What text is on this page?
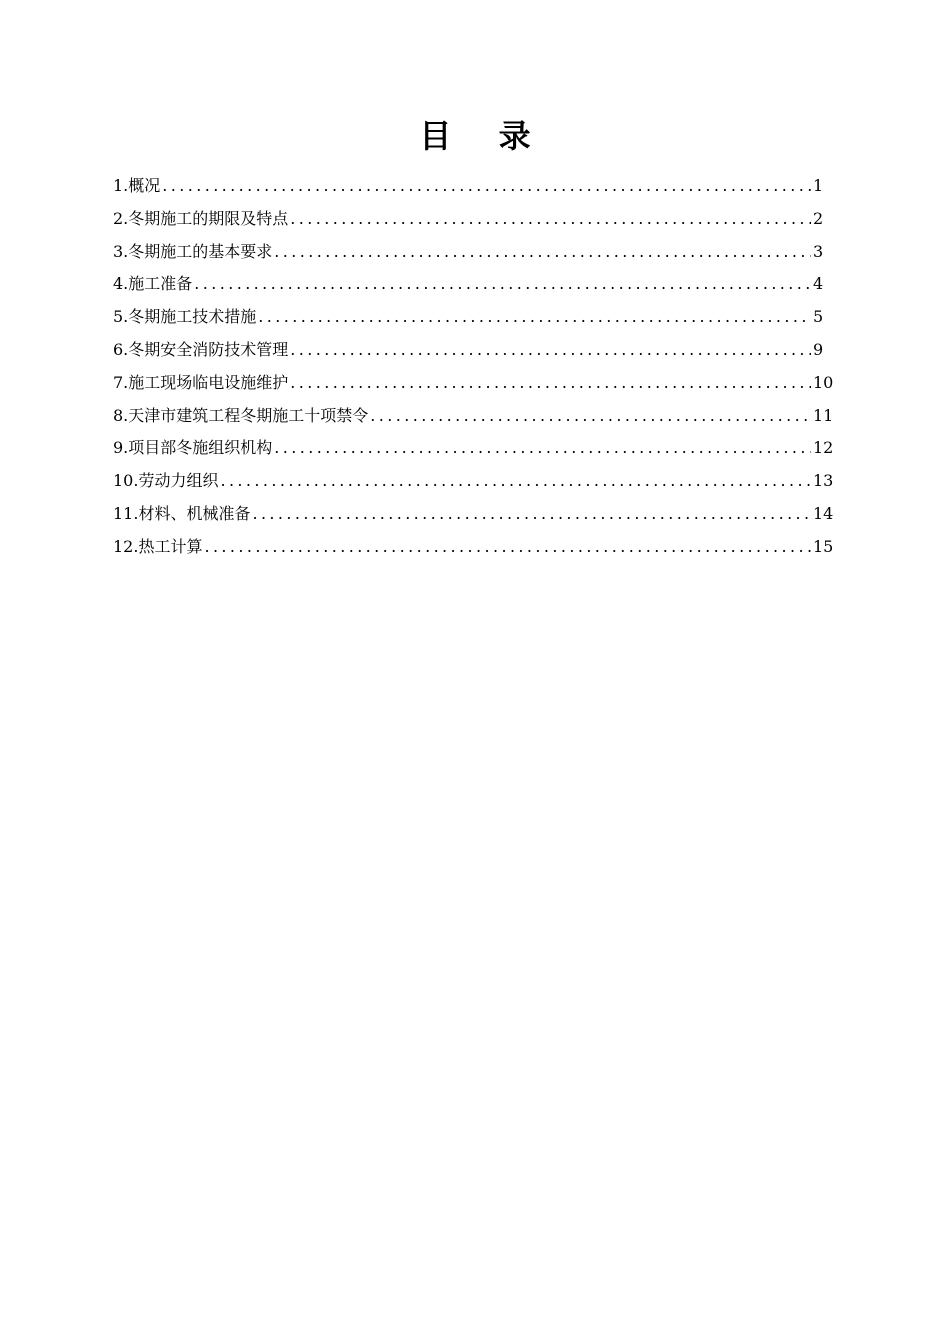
目 录
1.概况 .....	1
2.冬期施工的期限及特点 .....	2
3.冬期施工的基本要求 .....	3
4.施工准备 .....	4
5.冬期施工技术措施 .....	5
6.冬期安全消防技术管理 .....	9
7.施工现场临电设施维护 .....	10
8.天津市建筑工程冬期施工十项禁令 .....	11
9.项目部冬施组织机构 .....	12
10.劳动力组织 .....	13
11.材料、机械准备 .....	14
12.热工计算 .....	15
